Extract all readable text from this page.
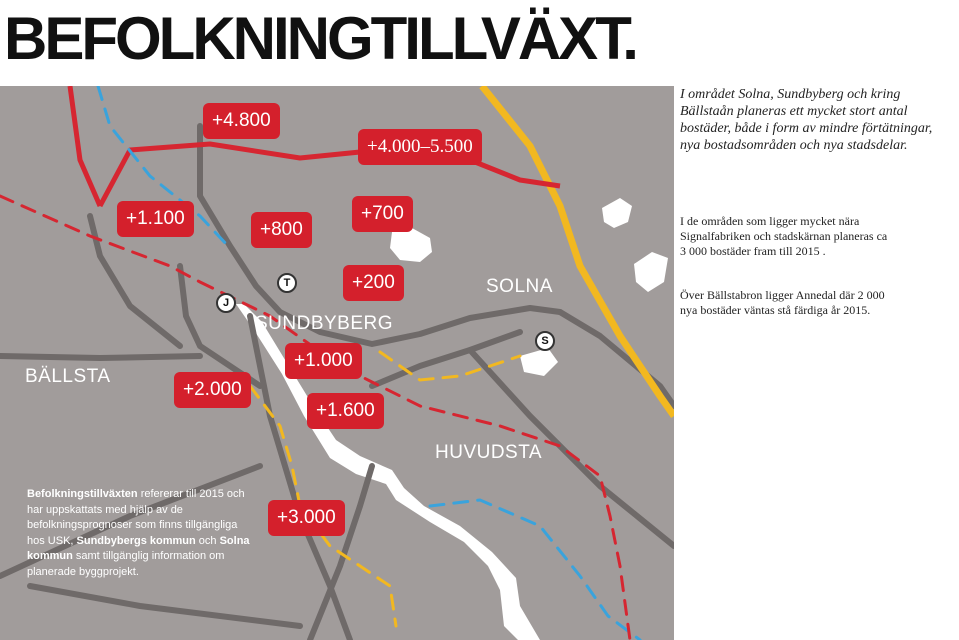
BEFOLKNINGTILLVÄXT.

I området Solna, Sundbyberg och kring Bällstaån planeras ett mycket stort antal bostäder, både i form av mindre förtätningar, nya bostadsområden och nya stadsdelar.

I de områden som ligger mycket nära Signalfabriken och stadskärnan planeras ca 3 000 bostäder fram till 2015 .

Över Bällstabron ligger Annedal där 2 000 nya bostäder väntas stå färdiga år 2015.

+4.800
+4.000–5.500
+1.100
+800
+700
+200
+1.000
+2.000
+1.600
+3.000
BÄLLSTA
SUNDBYBERG
SOLNA
HUVUDSTA
J
T
S
Befolkningstillväxten refererar till 2015 och har uppskattats med hjälp av de befolkningsprognoser som finns tillgängliga hos USK, Sundbybergs kommun och Solna kommun samt tillgänglig information om planerade byggprojekt.
